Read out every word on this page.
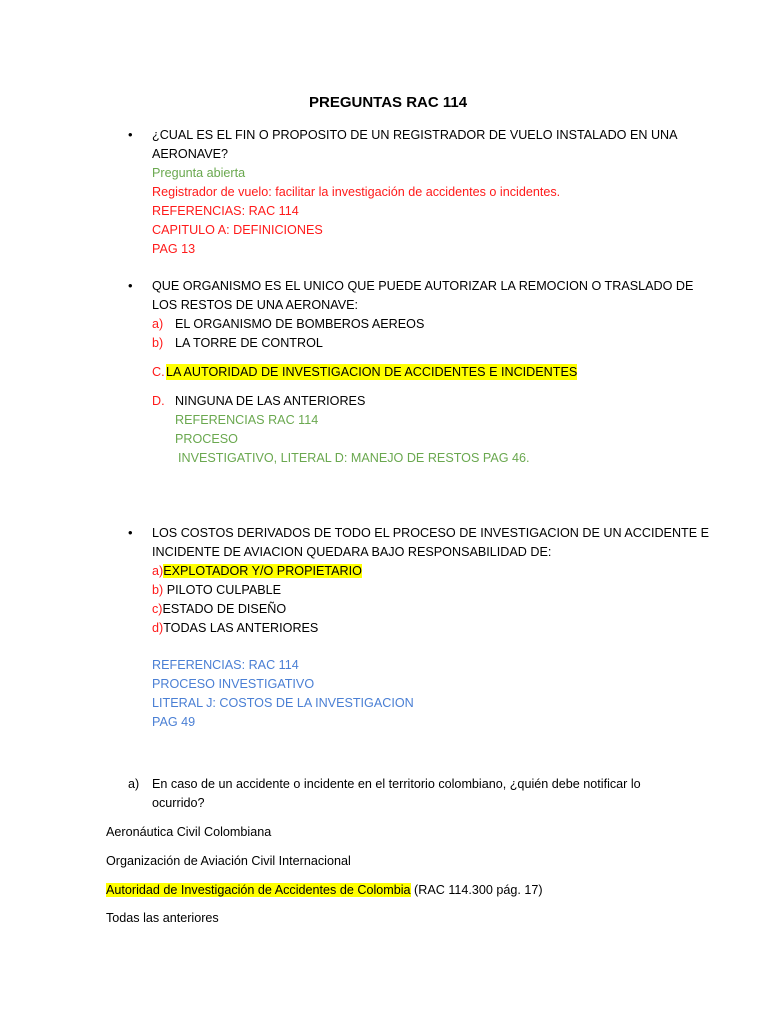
PREGUNTAS RAC 114
• ¿CUAL ES EL FIN O PROPOSITO DE UN REGISTRADOR DE VUELO INSTALADO EN UNA
AERONAVE?
Pregunta abierta
Registrador de vuelo: facilitar la investigación de accidentes o incidentes.
REFERENCIAS: RAC 114
CAPITULO A: DEFINICIONES
PAG 13
• QUE ORGANISMO ES EL UNICO QUE PUEDE AUTORIZAR LA REMOCION O TRASLADO DE
LOS RESTOS DE UNA AERONAVE:
a) EL ORGANISMO DE BOMBEROS AEREOS
b) LA TORRE DE CONTROL
C. LA AUTORIDAD DE INVESTIGACION DE ACCIDENTES E INCIDENTES
D. NINGUNA DE LAS ANTERIORES
REFERENCIAS RAC 114
PROCESO
INVESTIGATIVO, LITERAL D: MANEJO DE RESTOS PAG 46.
• LOS COSTOS DERIVADOS DE TODO EL PROCESO DE INVESTIGACION DE UN ACCIDENTE E
INCIDENTE DE AVIACION QUEDARA BAJO RESPONSABILIDAD DE:
a)EXPLOTADOR Y/O PROPIETARIO
b) PILOTO CULPABLE
c)ESTADO DE DISEÑO
d)TODAS LAS ANTERIORES
REFERENCIAS: RAC 114
PROCESO INVESTIGATIVO
LITERAL J: COSTOS DE LA INVESTIGACION
PAG 49
a) En caso de un accidente o incidente en el territorio colombiano, ¿quién debe notificar lo
ocurrido?
Aeronáutica Civil Colombiana
Organización de Aviación Civil Internacional
Autoridad de Investigación de Accidentes de Colombia (RAC 114.300 pág. 17)
Todas las anteriores
